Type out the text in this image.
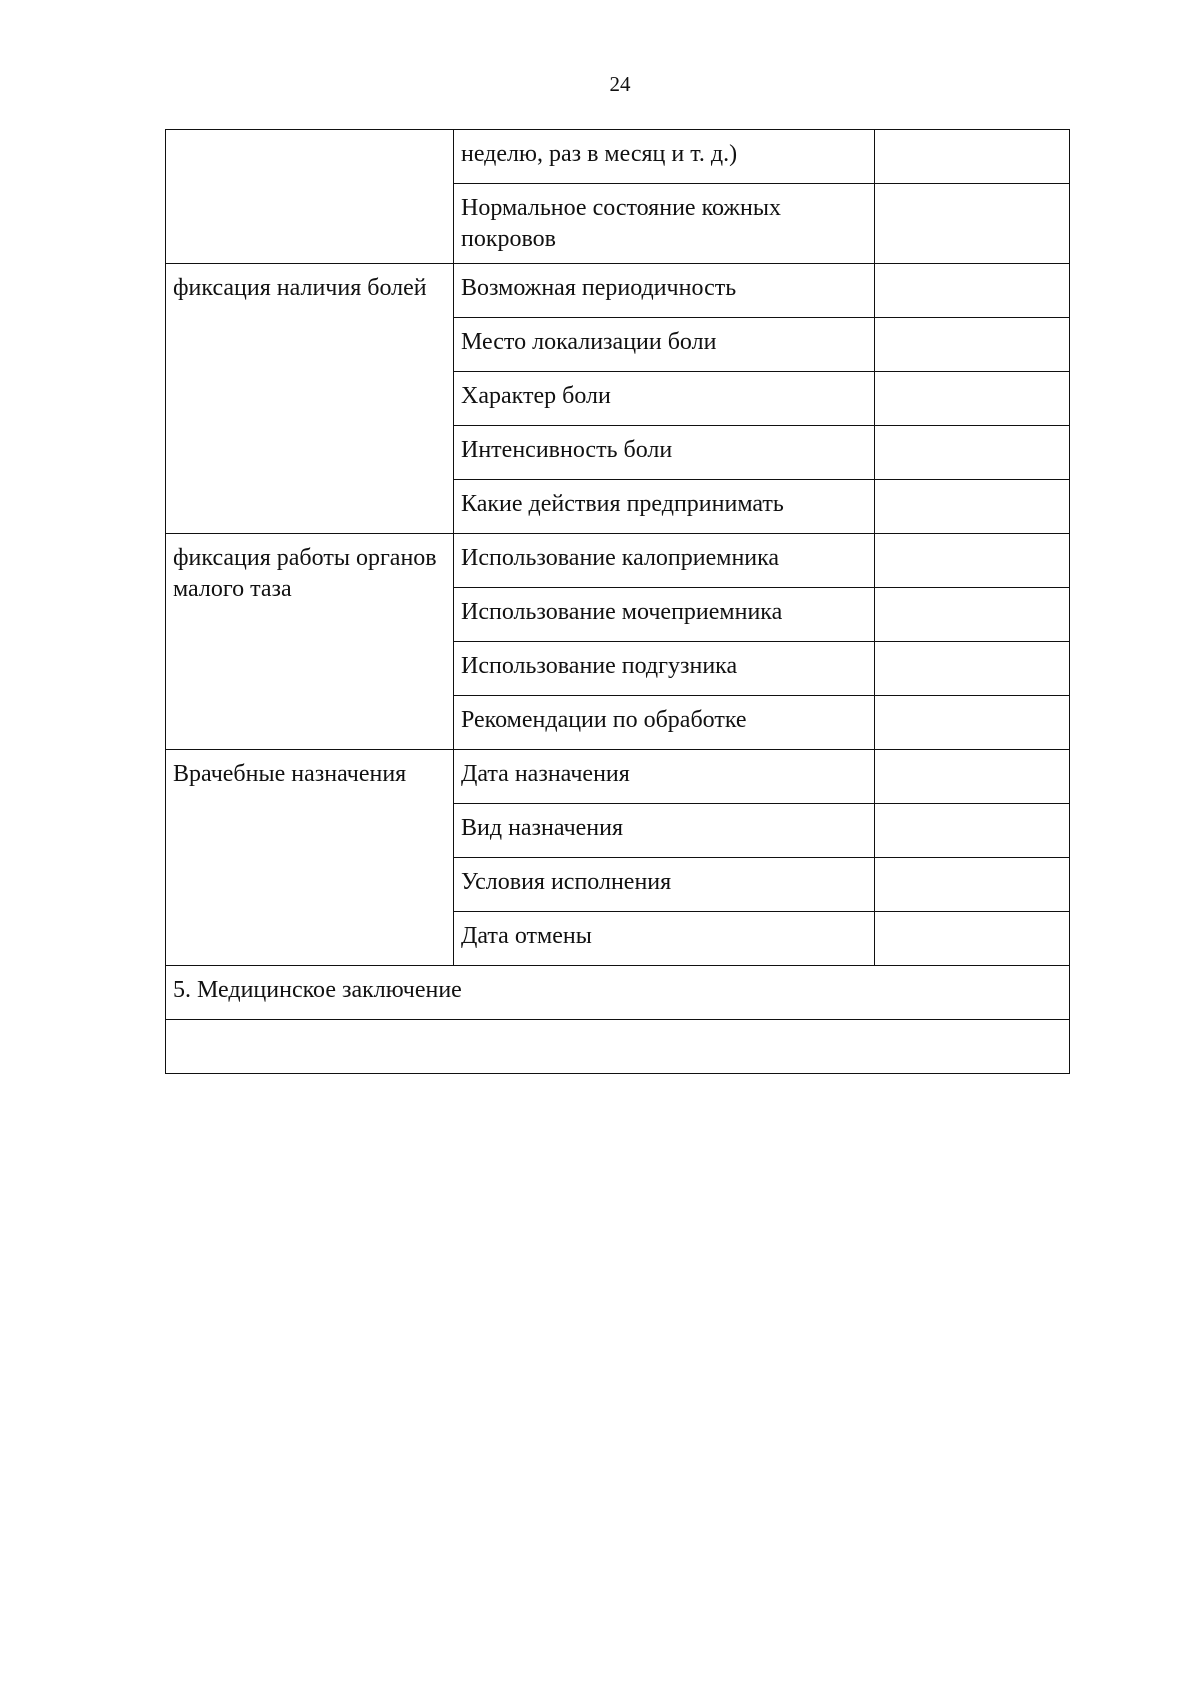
24
	неделю, раз в месяц и т. д.)	
	Нормальное состояние кожных покровов	
фиксация наличия болей	Возможная периодичность	
	Место локализации боли	
	Характер боли	
	Интенсивность боли	
	Какие действия предпринимать	
фиксация работы органов малого таза	Использование калоприемника	
	Использование мочеприемника	
	Использование подгузника	
	Рекомендации по обработке	
Врачебные назначения	Дата назначения	
	Вид назначения	
	Условия исполнения	
	Дата отмены	
5. Медицинское заключение		
